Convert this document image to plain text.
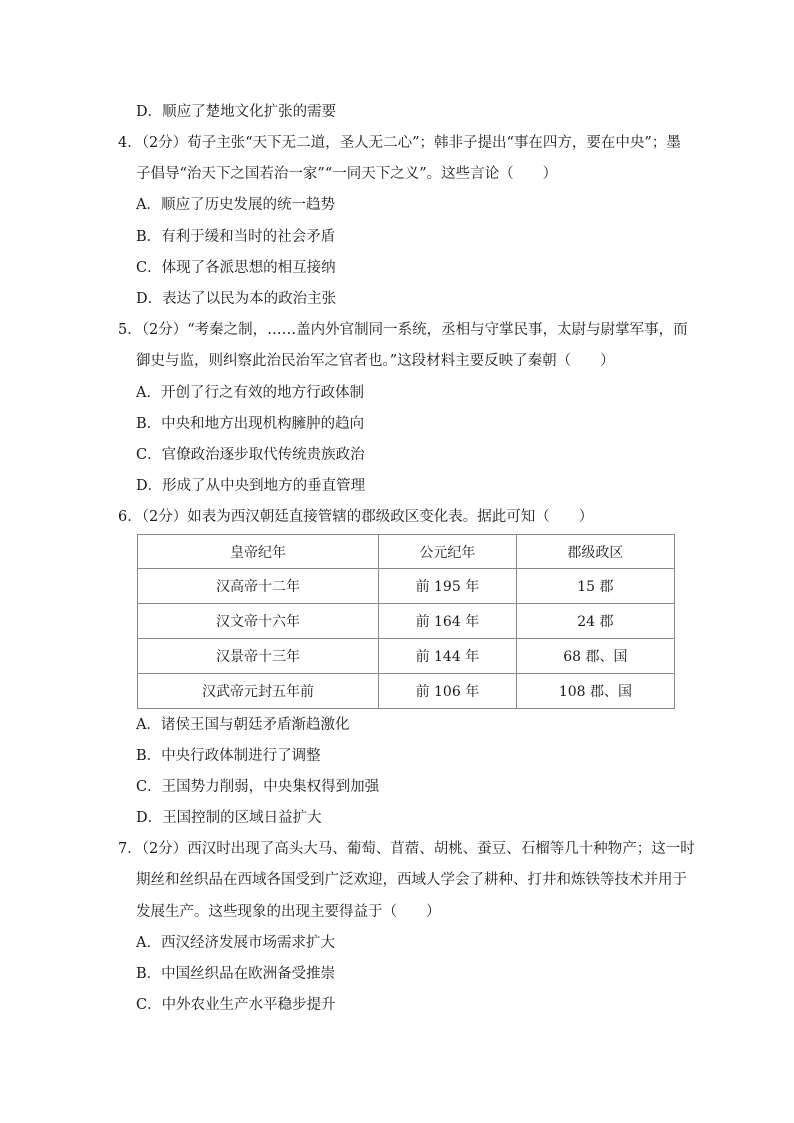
D．顺应了楚地文化扩张的需要
4．（2分）荀子主张“天下无二道，圣人无二心”；韩非子提出“事在四方，要在中央”；墨
子倡导“治天下之国若治一家”“一同天下之义”。这些言论（　　）
A．顺应了历史发展的统一趋势
B．有利于缓和当时的社会矛盾
C．体现了各派思想的相互接纳
D．表达了以民为本的政治主张
5．（2分）“考秦之制，……盖内外官制同一系统，丞相与守掌民事，太尉与尉掌军事，而
御史与监，则纠察此治民治军之官者也。”这段材料主要反映了秦朝（　　）
A．开创了行之有效的地方行政体制
B．中央和地方出现机构臃肿的趋向
C．官僚政治逐步取代传统贵族政治
D．形成了从中央到地方的垂直管理
6．（2分）如表为西汉朝廷直接管辖的郡级政区变化表。据此可知（　　）
皇帝纪年	公元纪年	郡级政区
汉高帝十二年	前 195 年	15 郡
汉文帝十六年	前 164 年	24 郡
汉景帝十三年	前 144 年	68 郡、国
汉武帝元封五年前	前 106 年	108 郡、国
A．诸侯王国与朝廷矛盾渐趋激化
B．中央行政体制进行了调整
C．王国势力削弱，中央集权得到加强
D．王国控制的区域日益扩大
7．（2分）西汉时出现了高头大马、葡萄、苜蓿、胡桃、蚕豆、石榴等几十种物产；这一时
期丝和丝织品在西域各国受到广泛欢迎，西域人学会了耕种、打井和炼铁等技术并用于
发展生产。这些现象的出现主要得益于（　　）
A．西汉经济发展市场需求扩大
B．中国丝织品在欧洲备受推崇
C．中外农业生产水平稳步提升
